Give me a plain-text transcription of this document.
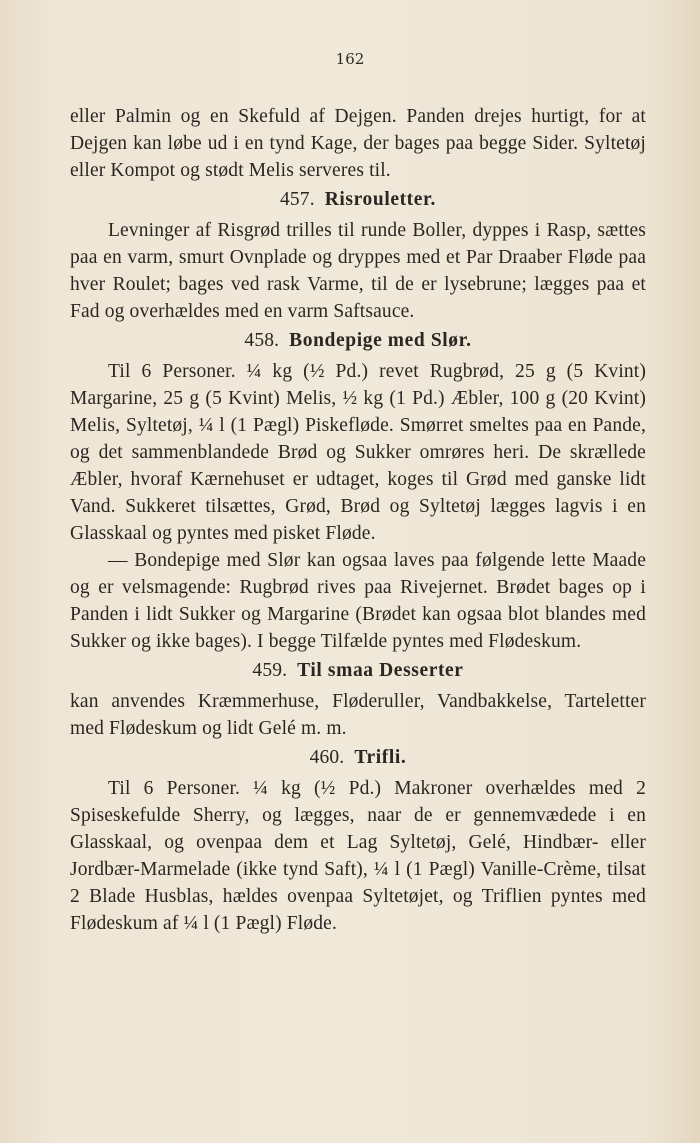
162

eller Palmin og en Skefuld af Dejgen. Panden drejes hurtigt, for at Dejgen kan løbe ud i en tynd Kage, der bages paa begge Sider. Syltetøj eller Kompot og stødt Melis serveres til.

457. Risrouletter.

Levninger af Risgrød trilles til runde Boller, dyppes i Rasp, sættes paa en varm, smurt Ovnplade og dryppes med et Par Draaber Fløde paa hver Roulet; bages ved rask Varme, til de er lysebrune; lægges paa et Fad og overhældes med en varm Saftsauce.

458. Bondepige med Slør.

Til 6 Personer. ¼ kg (½ Pd.) revet Rugbrød, 25 g (5 Kvint) Margarine, 25 g (5 Kvint) Melis, ½ kg (1 Pd.) Æbler, 100 g (20 Kvint) Melis, Syltetøj, ¼ l (1 Pægl) Piskefløde. Smørret smeltes paa en Pande, og det sammenblandede Brød og Sukker omrøres heri. De skrællede Æbler, hvoraf Kærnehuset er udtaget, koges til Grød med ganske lidt Vand. Sukkeret tilsættes, Grød, Brød og Syltetøj lægges lagvis i en Glasskaal og pyntes med pisket Fløde.

— Bondepige med Slør kan ogsaa laves paa følgende lette Maade og er velsmagende: Rugbrød rives paa Rivejernet. Brødet bages op i Panden i lidt Sukker og Margarine (Brødet kan ogsaa blot blandes med Sukker og ikke bages). I begge Tilfælde pyntes med Flødeskum.

459. Til smaa Desserter

kan anvendes Kræmmerhuse, Fløderuller, Vandbakkelse, Tarteletter med Flødeskum og lidt Gelé m. m.

460. Trifli.

Til 6 Personer. ¼ kg (½ Pd.) Makroner overhældes med 2 Spiseskefulde Sherry, og lægges, naar de er gennemvædede i en Glasskaal, og ovenpaa dem et Lag Syltetøj, Gelé, Hindbær- eller Jordbær-Marmelade (ikke tynd Saft), ¼ l (1 Pægl) Vanille-Crème, tilsat 2 Blade Husblas, hældes ovenpaa Syltetøjet, og Triflien pyntes med Flødeskum af ¼ l (1 Pægl) Fløde.
